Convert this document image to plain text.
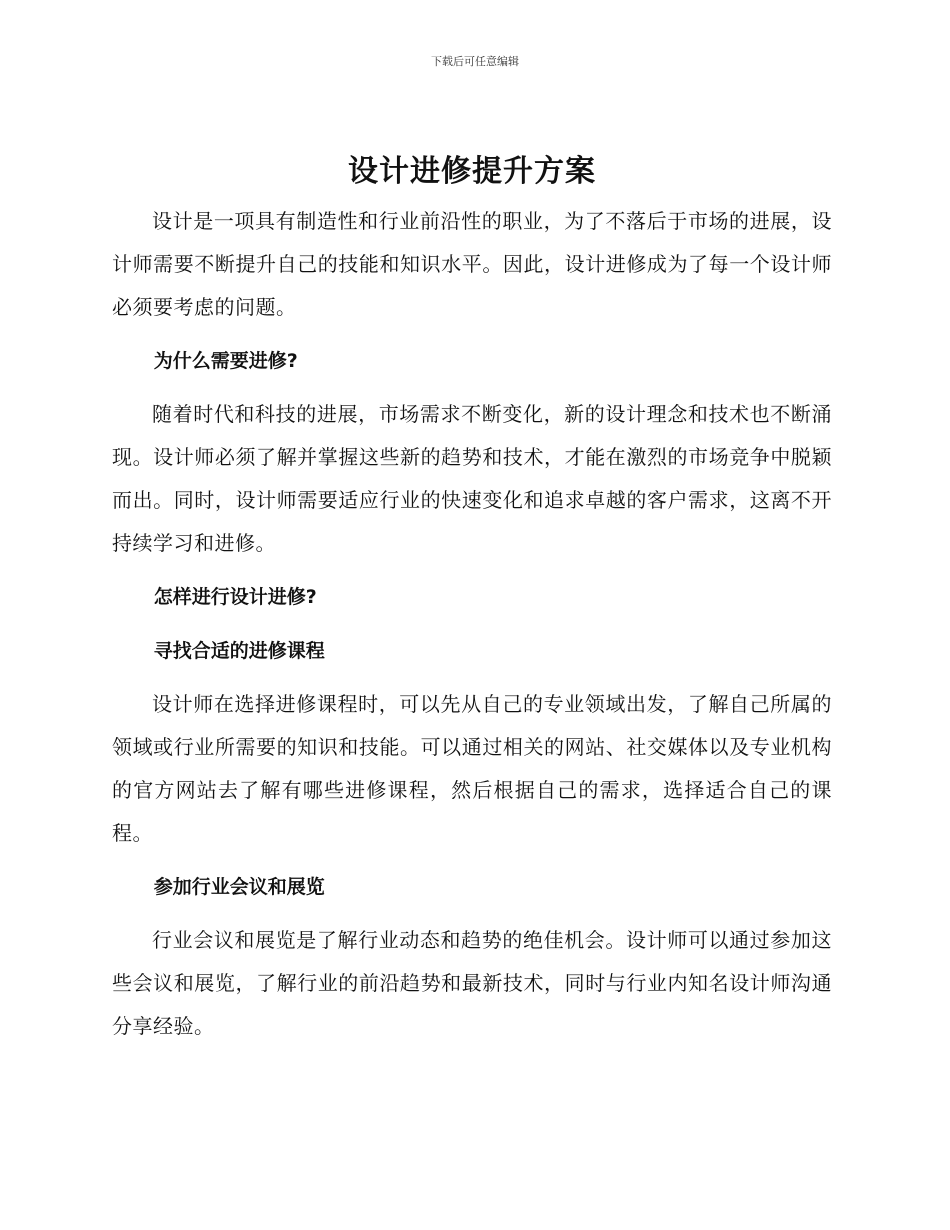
下载后可任意编辑
设计进修提升方案

设计是一项具有制造性和行业前沿性的职业，为了不落后于市场的进展，设计师需要不断提升自己的技能和知识水平。因此，设计进修成为了每一个设计师必须要考虑的问题。

为什么需要进修?

随着时代和科技的进展，市场需求不断变化，新的设计理念和技术也不断涌现。设计师必须了解并掌握这些新的趋势和技术，才能在激烈的市场竞争中脱颖而出。同时，设计师需要适应行业的快速变化和追求卓越的客户需求，这离不开持续学习和进修。

怎样进行设计进修?
寻找合适的进修课程

设计师在选择进修课程时，可以先从自己的专业领域出发，了解自己所属的领域或行业所需要的知识和技能。可以通过相关的网站、社交媒体以及专业机构的官方网站去了解有哪些进修课程，然后根据自己的需求，选择适合自己的课程。

参加行业会议和展览

行业会议和展览是了解行业动态和趋势的绝佳机会。设计师可以通过参加这些会议和展览，了解行业的前沿趋势和最新技术，同时与行业内知名设计师沟通分享经验。
